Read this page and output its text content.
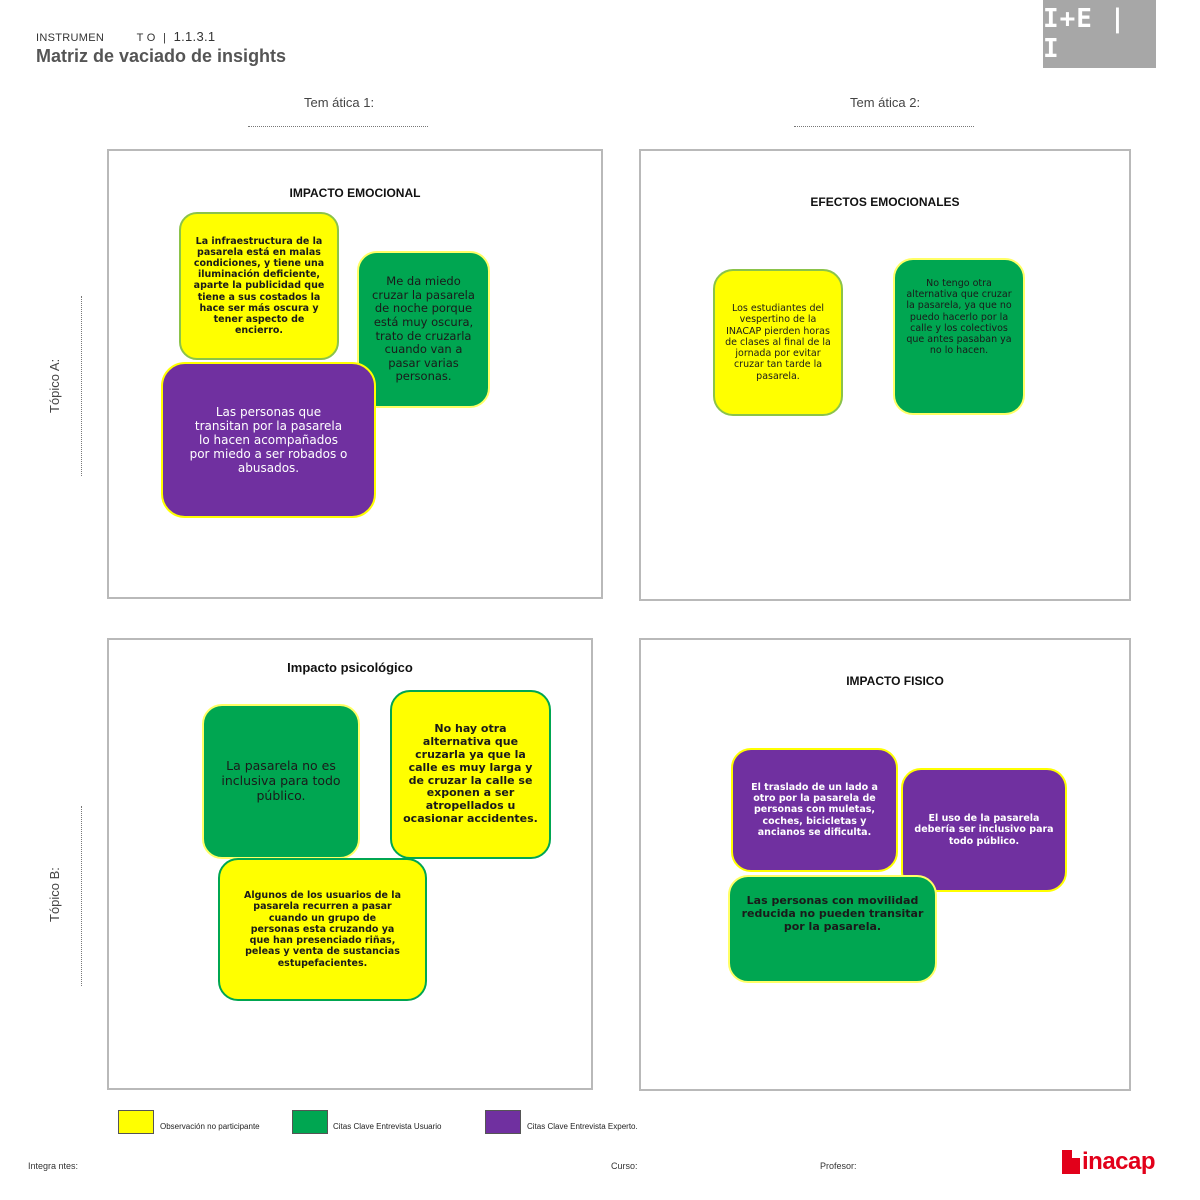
INSTRUMEN	T O | 1.1.3.1
Matriz de vaciado de insights
I+E | I
Tem ática 1:	Tem ática 2:
Tópico A:
Tópico B:
IMPACTO EMOCIONAL
La infraestructura de la pasarela está en malas condiciones, y tiene una iluminación deficiente, aparte la publicidad que tiene a sus costados la hace ser más oscura y tener aspecto de encierro.
Me da miedo cruzar la pasarela de noche porque está muy oscura, trato de cruzarla cuando van a pasar varias personas.
Las personas que transitan por la pasarela lo hacen acompañados por miedo a ser robados o abusados.
EFECTOS EMOCIONALES
Los estudiantes del vespertino de la INACAP pierden horas de clases al final de la jornada por evitar cruzar tan tarde la pasarela.
No tengo otra alternativa que cruzar la pasarela, ya que no puedo hacerlo por la calle y los colectivos que antes pasaban ya no lo hacen.
Impacto psicológico
La pasarela no es inclusiva para todo público.
No hay otra alternativa que cruzarla ya que la calle es muy larga y de cruzar la calle se exponen a ser atropellados u ocasionar accidentes.
Algunos de los usuarios de la pasarela recurren a pasar cuando un grupo de personas esta cruzando ya que han presenciado riñas, peleas y venta de sustancias estupefacientes.
IMPACTO FISICO
El traslado de un lado a otro por la pasarela de personas con muletas, coches, bicicletas y ancianos se dificulta.
El uso de la pasarela debería ser inclusivo para todo público.
Las personas con movilidad reducida no pueden transitar por la pasarela.
Observación no participante	Citas Clave Entrevista Usuario	Citas Clave Entrevista Experto.
Integra ntes:	Curso:	Profesor:	inacap
